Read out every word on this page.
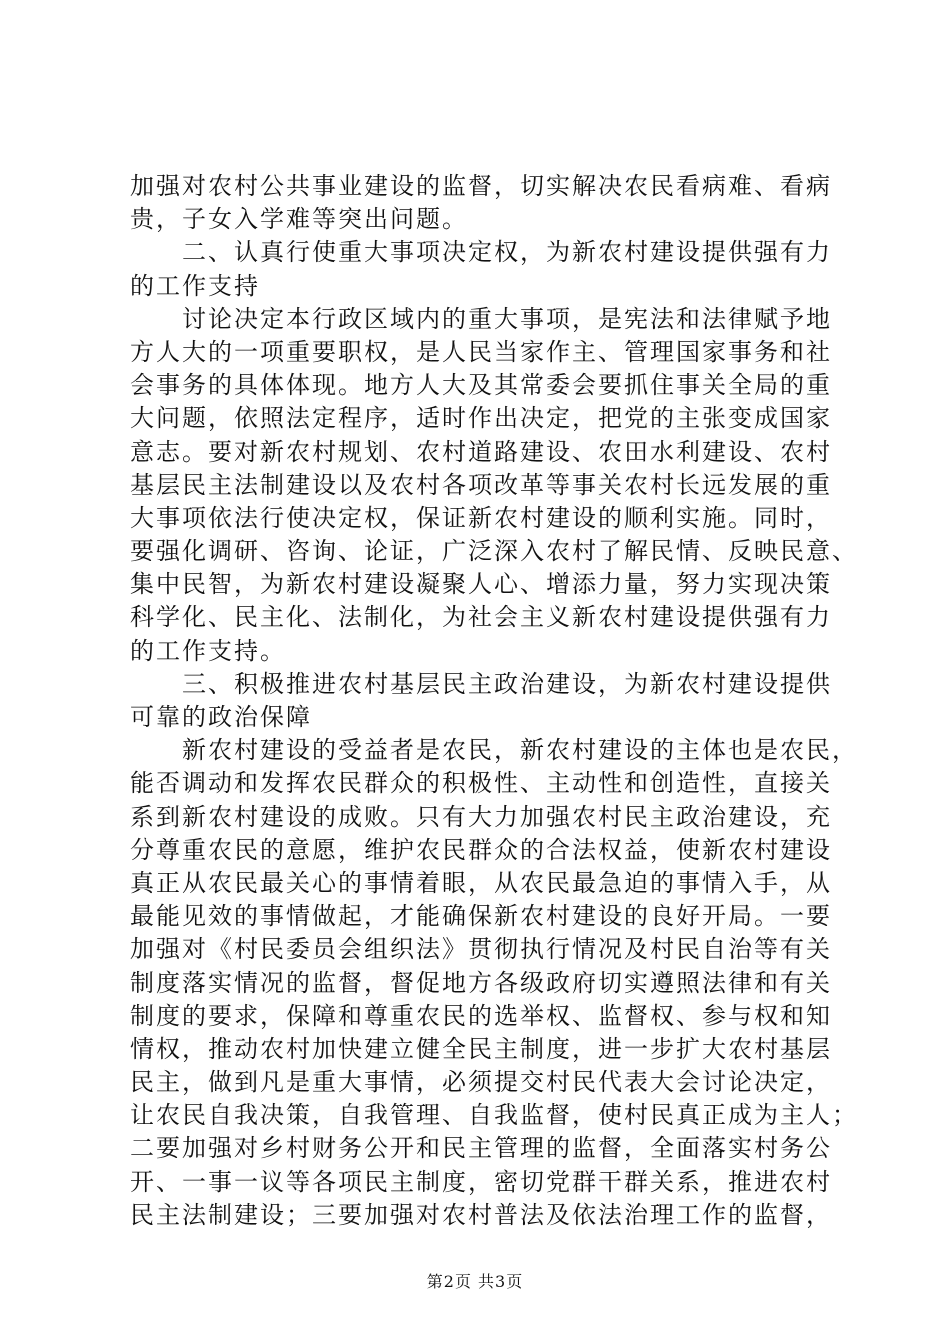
加强对农村公共事业建设的监督，切实解决农民看病难、看病
贵，子女入学难等突出问题。
　　二、认真行使重大事项决定权，为新农村建设提供强有力
的工作支持
　　讨论决定本行政区域内的重大事项，是宪法和法律赋予地
方人大的一项重要职权，是人民当家作主、管理国家事务和社
会事务的具体体现。地方人大及其常委会要抓住事关全局的重
大问题，依照法定程序，适时作出决定，把党的主张变成国家
意志。要对新农村规划、农村道路建设、农田水利建设、农村
基层民主法制建设以及农村各项改革等事关农村长远发展的重
大事项依法行使决定权，保证新农村建设的顺利实施。同时，
要强化调研、咨询、论证，广泛深入农村了解民情、反映民意、
集中民智，为新农村建设凝聚人心、增添力量，努力实现决策
科学化、民主化、法制化，为社会主义新农村建设提供强有力
的工作支持。
　　三、积极推进农村基层民主政治建设，为新农村建设提供
可靠的政治保障
　　新农村建设的受益者是农民，新农村建设的主体也是农民，
能否调动和发挥农民群众的积极性、主动性和创造性，直接关
系到新农村建设的成败。只有大力加强农村民主政治建设，充
分尊重农民的意愿，维护农民群众的合法权益，使新农村建设
真正从农民最关心的事情着眼，从农民最急迫的事情入手，从
最能见效的事情做起，才能确保新农村建设的良好开局。一要
加强对《村民委员会组织法》贯彻执行情况及村民自治等有关
制度落实情况的监督，督促地方各级政府切实遵照法律和有关
制度的要求，保障和尊重农民的选举权、监督权、参与权和知
情权，推动农村加快建立健全民主制度，进一步扩大农村基层
民主，做到凡是重大事情，必须提交村民代表大会讨论决定，
让农民自我决策，自我管理、自我监督，使村民真正成为主人；
二要加强对乡村财务公开和民主管理的监督，全面落实村务公
开、一事一议等各项民主制度，密切党群干群关系，推进农村
民主法制建设；三要加强对农村普法及依法治理工作的监督，
第2页 共3页
